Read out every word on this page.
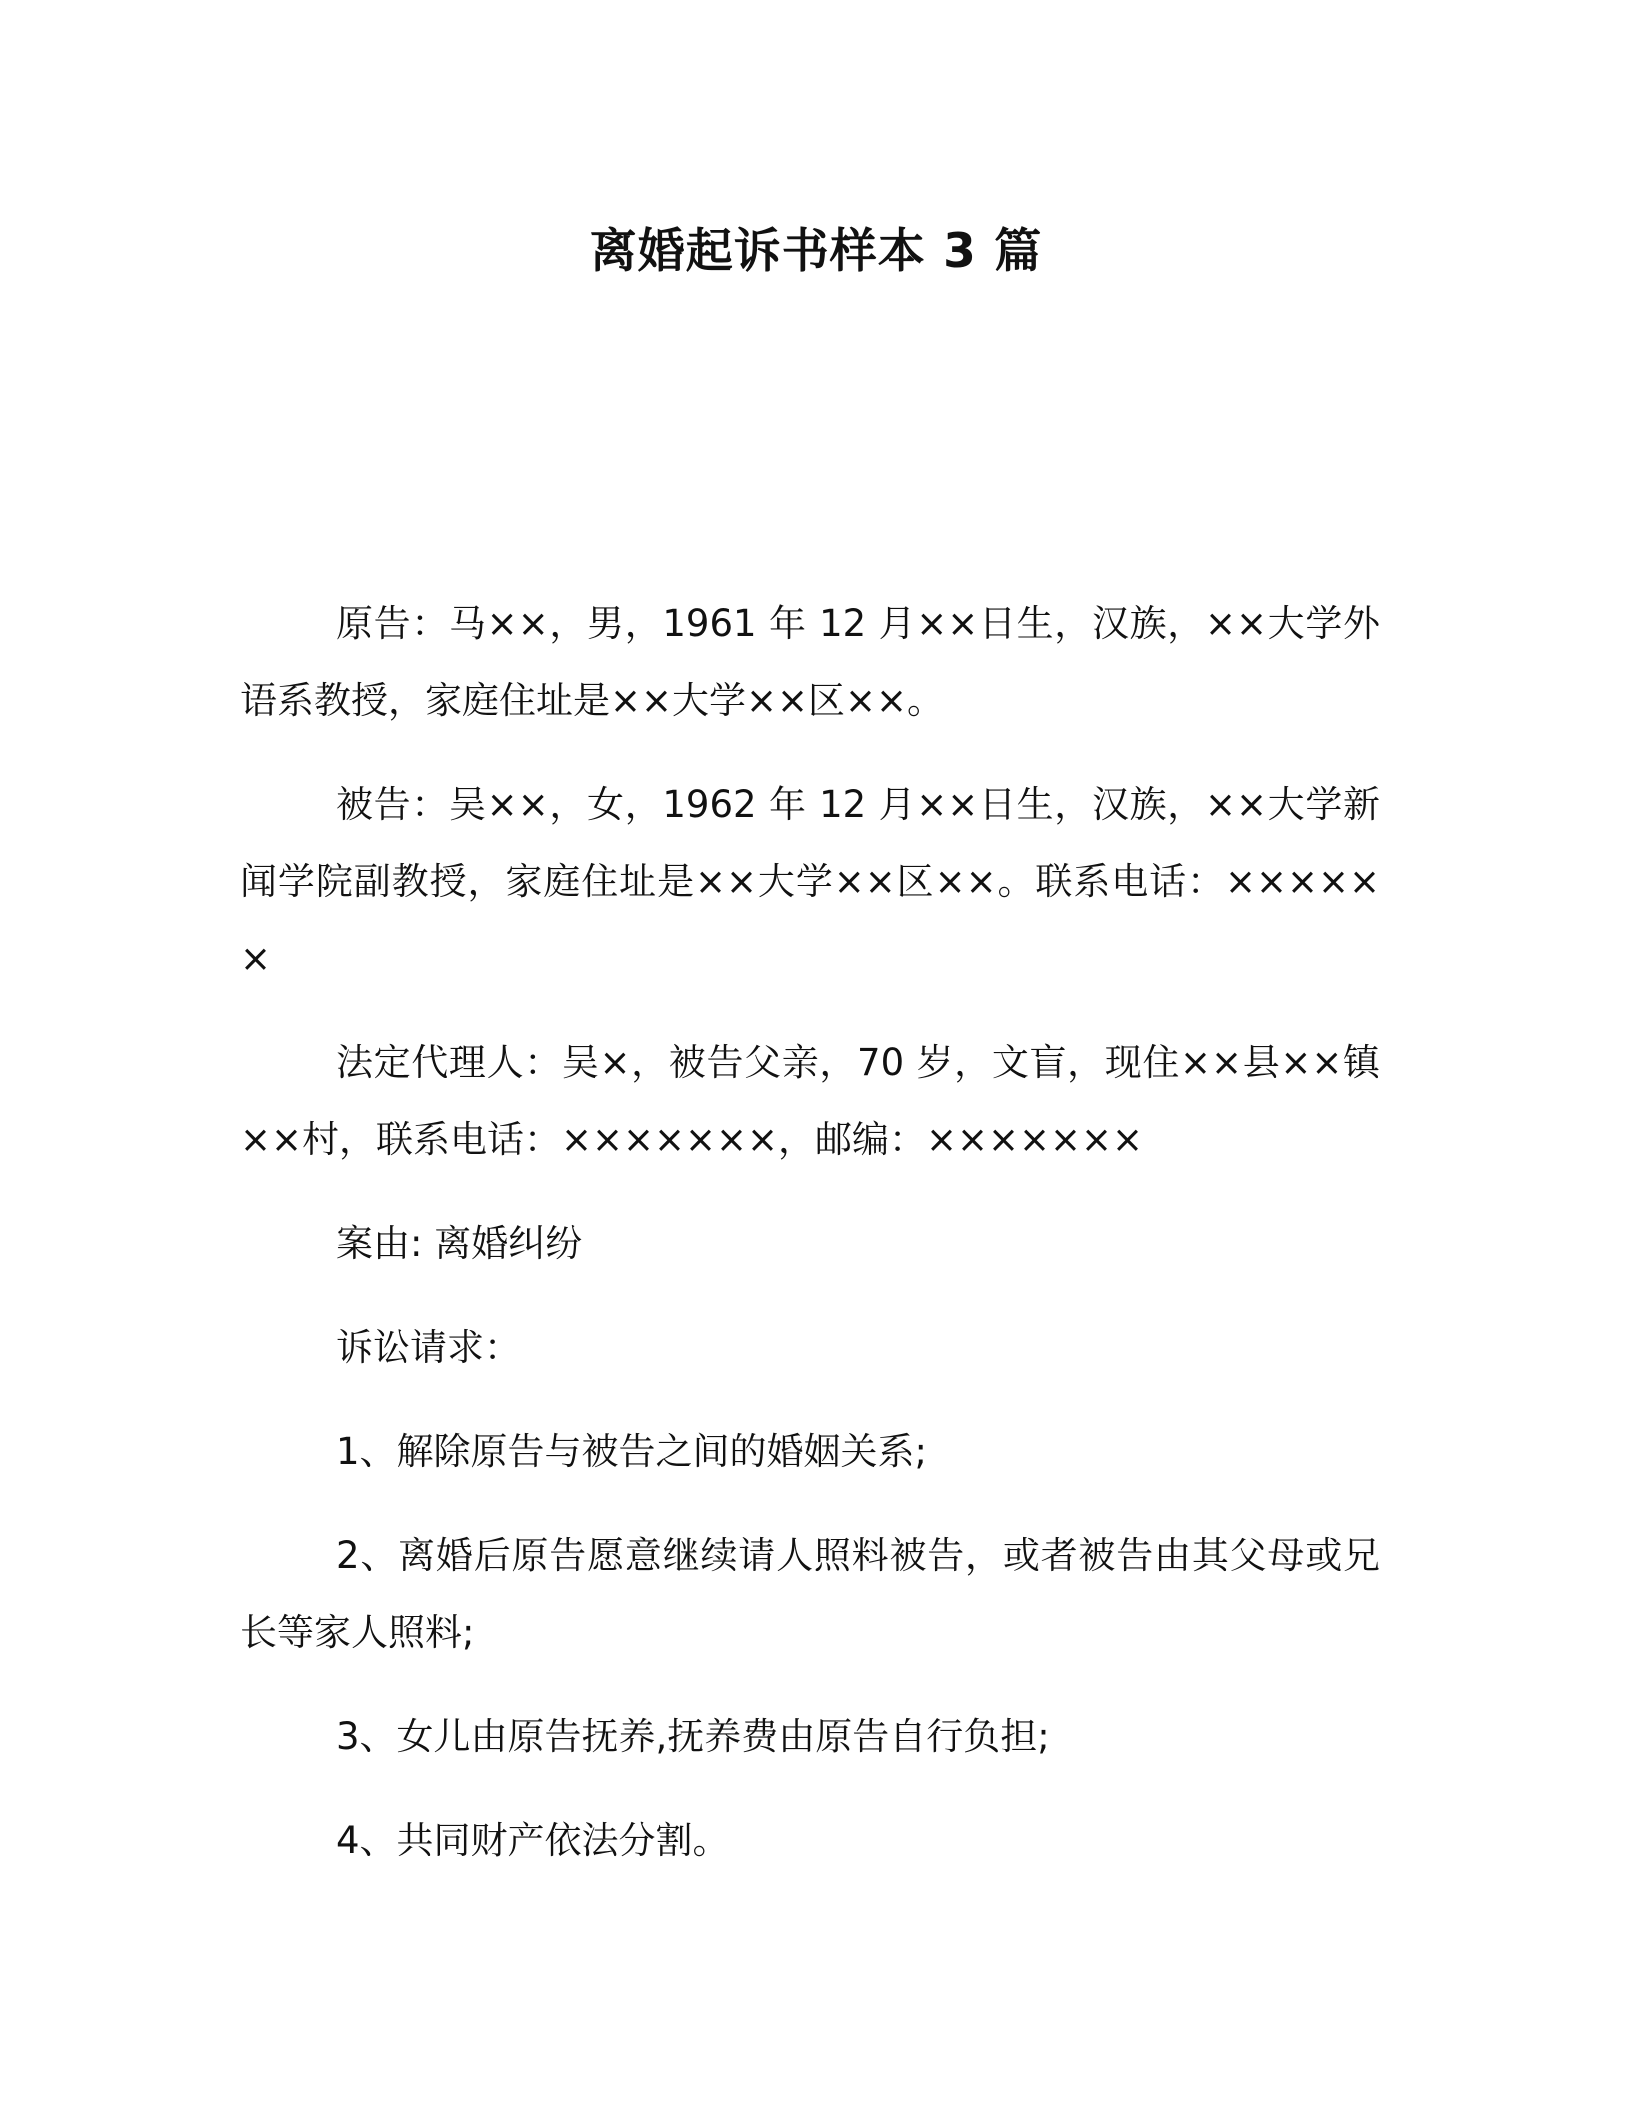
离婚起诉书样本 3 篇

原告：马××，男，1961 年 12 月××日生，汉族，××大学外语系教授，家庭住址是××大学××区××。

被告：吴××，女，1962 年 12 月××日生，汉族，××大学新闻学院副教授，家庭住址是××大学××区××。联系电话：××××××

法定代理人：吴×，被告父亲，70 岁，文盲，现住××县××镇××村，联系电话：×××××××，邮编：×××××××

案由: 离婚纠纷

诉讼请求：

1、解除原告与被告之间的婚姻关系;

2、离婚后原告愿意继续请人照料被告，或者被告由其父母或兄长等家人照料;

3、女儿由原告抚养,抚养费由原告自行负担;

4、共同财产依法分割。
